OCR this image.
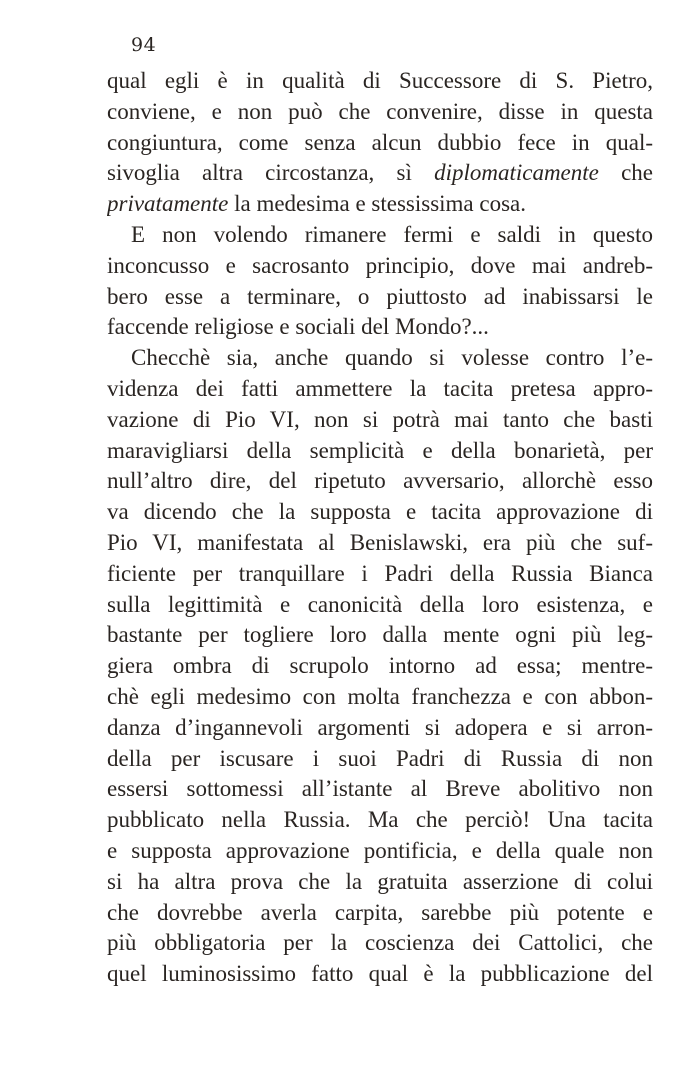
94
qual egli è in qualità di Successore di S. Pietro,
conviene, e non può che convenire, disse in questa
congiuntura, come senza alcun dubbio fece in qual-
sivoglia altra circostanza, sì diplomaticamente che
privatamente la medesima e stessissima cosa.
E non volendo rimanere fermi e saldi in questo
inconcusso e sacrosanto principio, dove mai andreb-
bero esse a terminare, o piuttosto ad inabissarsi le
faccende religiose e sociali del Mondo?...
Checchè sia, anche quando si volesse contro l’e-
videnza dei fatti ammettere la tacita pretesa appro-
vazione di Pio VI, non si potrà mai tanto che basti
maravigliarsi della semplicità e della bonarietà, per
null’altro dire, del ripetuto avversario, allorchè esso
va dicendo che la supposta e tacita approvazione di
Pio VI, manifestata al Benislawski, era più che suf-
ficiente per tranquillare i Padri della Russia Bianca
sulla legittimità e canonicità della loro esistenza, e
bastante per togliere loro dalla mente ogni più leg-
giera ombra di scrupolo intorno ad essa; mentre-
chè egli medesimo con molta franchezza e con abbon-
danza d’ingannevoli argomenti si adopera e si arron-
della per iscusare i suoi Padri di Russia di non
essersi sottomessi all’istante al Breve abolitivo non
pubblicato nella Russia. Ma che perciò! Una tacita
e supposta approvazione pontificia, e della quale non
si ha altra prova che la gratuita asserzione di colui
che dovrebbe averla carpita, sarebbe più potente e
più obbligatoria per la coscienza dei Cattolici, che
quel luminosissimo fatto qual è la pubblicazione del
